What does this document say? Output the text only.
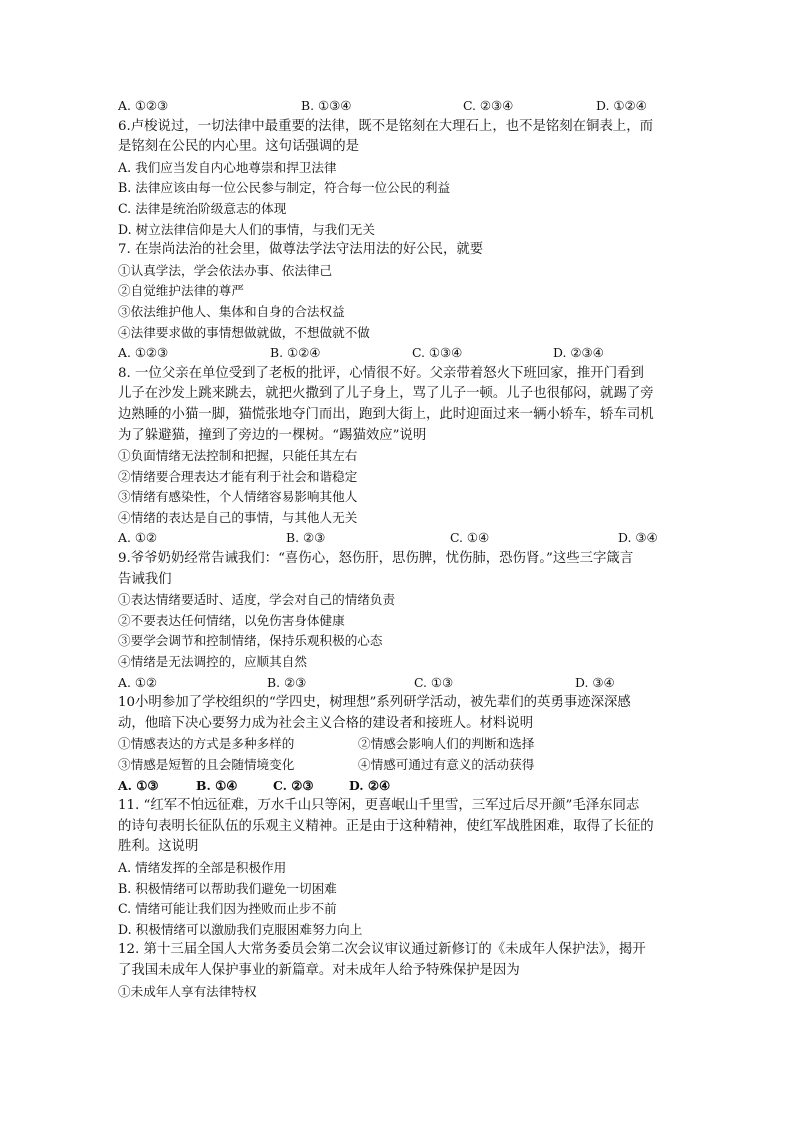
A. ①②③	B. ①③④	C. ②③④	D. ①②④
6.卢梭说过，一切法律中最重要的法律，既不是铭刻在大理石上，也不是铭刻在铜表上，而
是铭刻在公民的内心里。这句话强调的是
A. 我们应当发自内心地尊崇和捍卫法律
B. 法律应该由每一位公民参与制定，符合每一位公民的利益
C. 法律是统治阶级意志的体现
D. 树立法律信仰是大人们的事情，与我们无关
7. 在崇尚法治的社会里，做尊法学法守法用法的好公民，就要
①认真学法，学会依法办事、依法律己
②自觉维护法律的尊严
③依法维护他人、集体和自身的合法权益
④法律要求做的事情想做就做，不想做就不做
A. ①②③	B. ①②④	C. ①③④	D. ②③④
8. 一位父亲在单位受到了老板的批评，心情很不好。父亲带着怒火下班回家，推开门看到
儿子在沙发上跳来跳去，就把火撒到了儿子身上，骂了儿子一顿。儿子也很郁闷，就踢了旁
边熟睡的小猫一脚，猫慌张地夺门而出，跑到大街上，此时迎面过来一辆小轿车，轿车司机
为了躲避猫，撞到了旁边的一棵树。“踢猫效应”说明
①负面情绪无法控制和把握，只能任其左右
②情绪要合理表达才能有利于社会和谐稳定
③情绪有感染性，个人情绪容易影响其他人
④情绪的表达是自己的事情，与其他人无关
A. ①②	B. ②③	C. ①④	D. ③④
9.爷爷奶奶经常告诫我们：“喜伤心，怒伤肝，思伤脾，忧伤肺，恐伤肾。”这些三字箴言
告诫我们
①表达情绪要适时、适度，学会对自己的情绪负责
②不要表达任何情绪，以免伤害身体健康
③要学会调节和控制情绪，保持乐观积极的心态
④情绪是无法调控的，应顺其自然
A. ①②	B. ②③	C. ①③	D. ③④
10小明参加了学校组织的“学四史，树理想”系列研学活动，被先辈们的英勇事迹深深感
动，他暗下决心要努力成为社会主义合格的建设者和接班人。材料说明
①情感表达的方式是多种多样的	②情感会影响人们的判断和选择
③情感是短暂的且会随情境变化	④情感可通过有意义的活动获得
A. ①③	B. ①④	C. ②③	D. ②④
11. “红军不怕远征难，万水千山只等闲，更喜岷山千里雪，三军过后尽开颜”毛泽东同志
的诗句表明长征队伍的乐观主义精神。正是由于这种精神，使红军战胜困难，取得了长征的
胜利。这说明
A. 情绪发挥的全部是积极作用
B. 积极情绪可以帮助我们避免一切困难
C. 情绪可能让我们因为挫败而止步不前
D. 积极情绪可以激励我们克服困难努力向上
12. 第十三届全国人大常务委员会第二次会议审议通过新修订的《未成年人保护法》，揭开
了我国未成年人保护事业的新篇章。对未成年人给予特殊保护是因为
①未成年人享有法律特权
